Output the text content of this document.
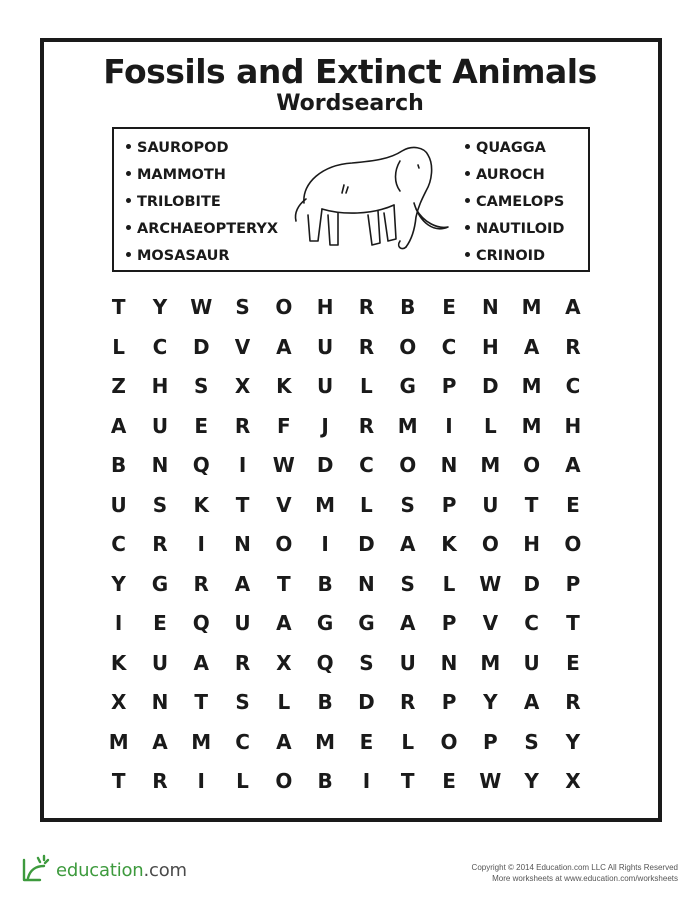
Fossils and Extinct Animals
Wordsearch
SAUROPOD
MAMMOTH
TRILOBITE
ARCHAEOPTERYX
MOSASAUR
QUAGGA
AUROCH
CAMELOPS
NAUTILOID
CRINOID
T	Y	W	S	O	H	R	B	E	N	M	A
L	C	D	V	A	U	R	O	C	H	A	R
Z	H	S	X	K	U	L	G	P	D	M	C
A	U	E	R	F	J	R	M	I	L	M	H
B	N	Q	I	W	D	C	O	N	M	O	A
U	S	K	T	V	M	L	S	P	U	T	E
C	R	I	N	O	I	D	A	K	O	H	O
Y	G	R	A	T	B	N	S	L	W	D	P
I	E	Q	U	A	G	G	A	P	V	C	T
K	U	A	R	X	Q	S	U	N	M	U	E
X	N	T	S	L	B	D	R	P	Y	A	R
M	A	M	C	A	M	E	L	O	P	S	Y
T	R	I	L	O	B	I	T	E	W	Y	X
education.com	Copyright © 2014 Education.com LLC All Rights Reserved
More worksheets at www.education.com/worksheets
